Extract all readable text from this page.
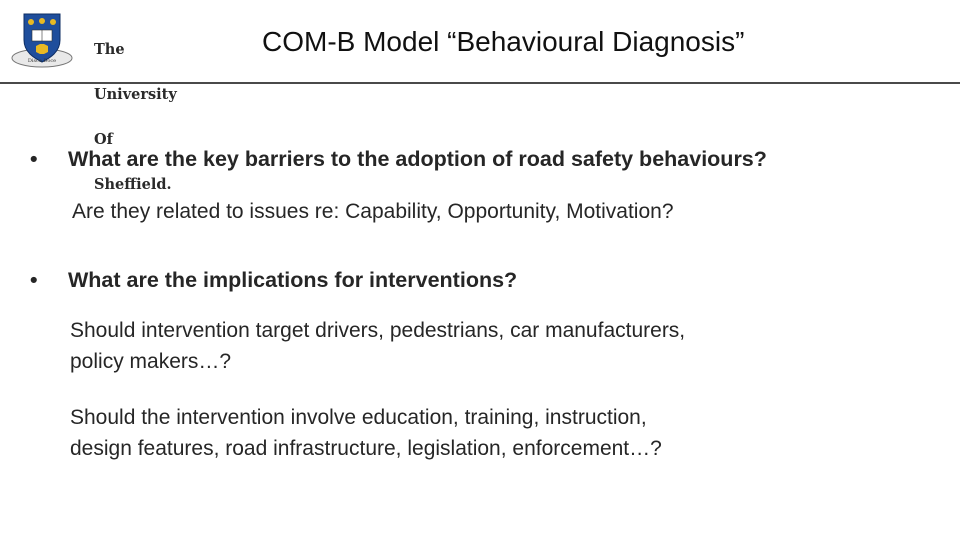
Disce Doce

The

University

Of

Sheffield.

COM-B Model “Behavioural Diagnosis”
• What are the key barriers to the adoption of road safety behaviours?
Are they related to issues re: Capability, Opportunity, Motivation?
• What are the implications for interventions?
Should intervention target drivers, pedestrians, car manufacturers,
policy makers…?
Should the intervention involve education, training, instruction,
design features, road infrastructure, legislation, enforcement…?
